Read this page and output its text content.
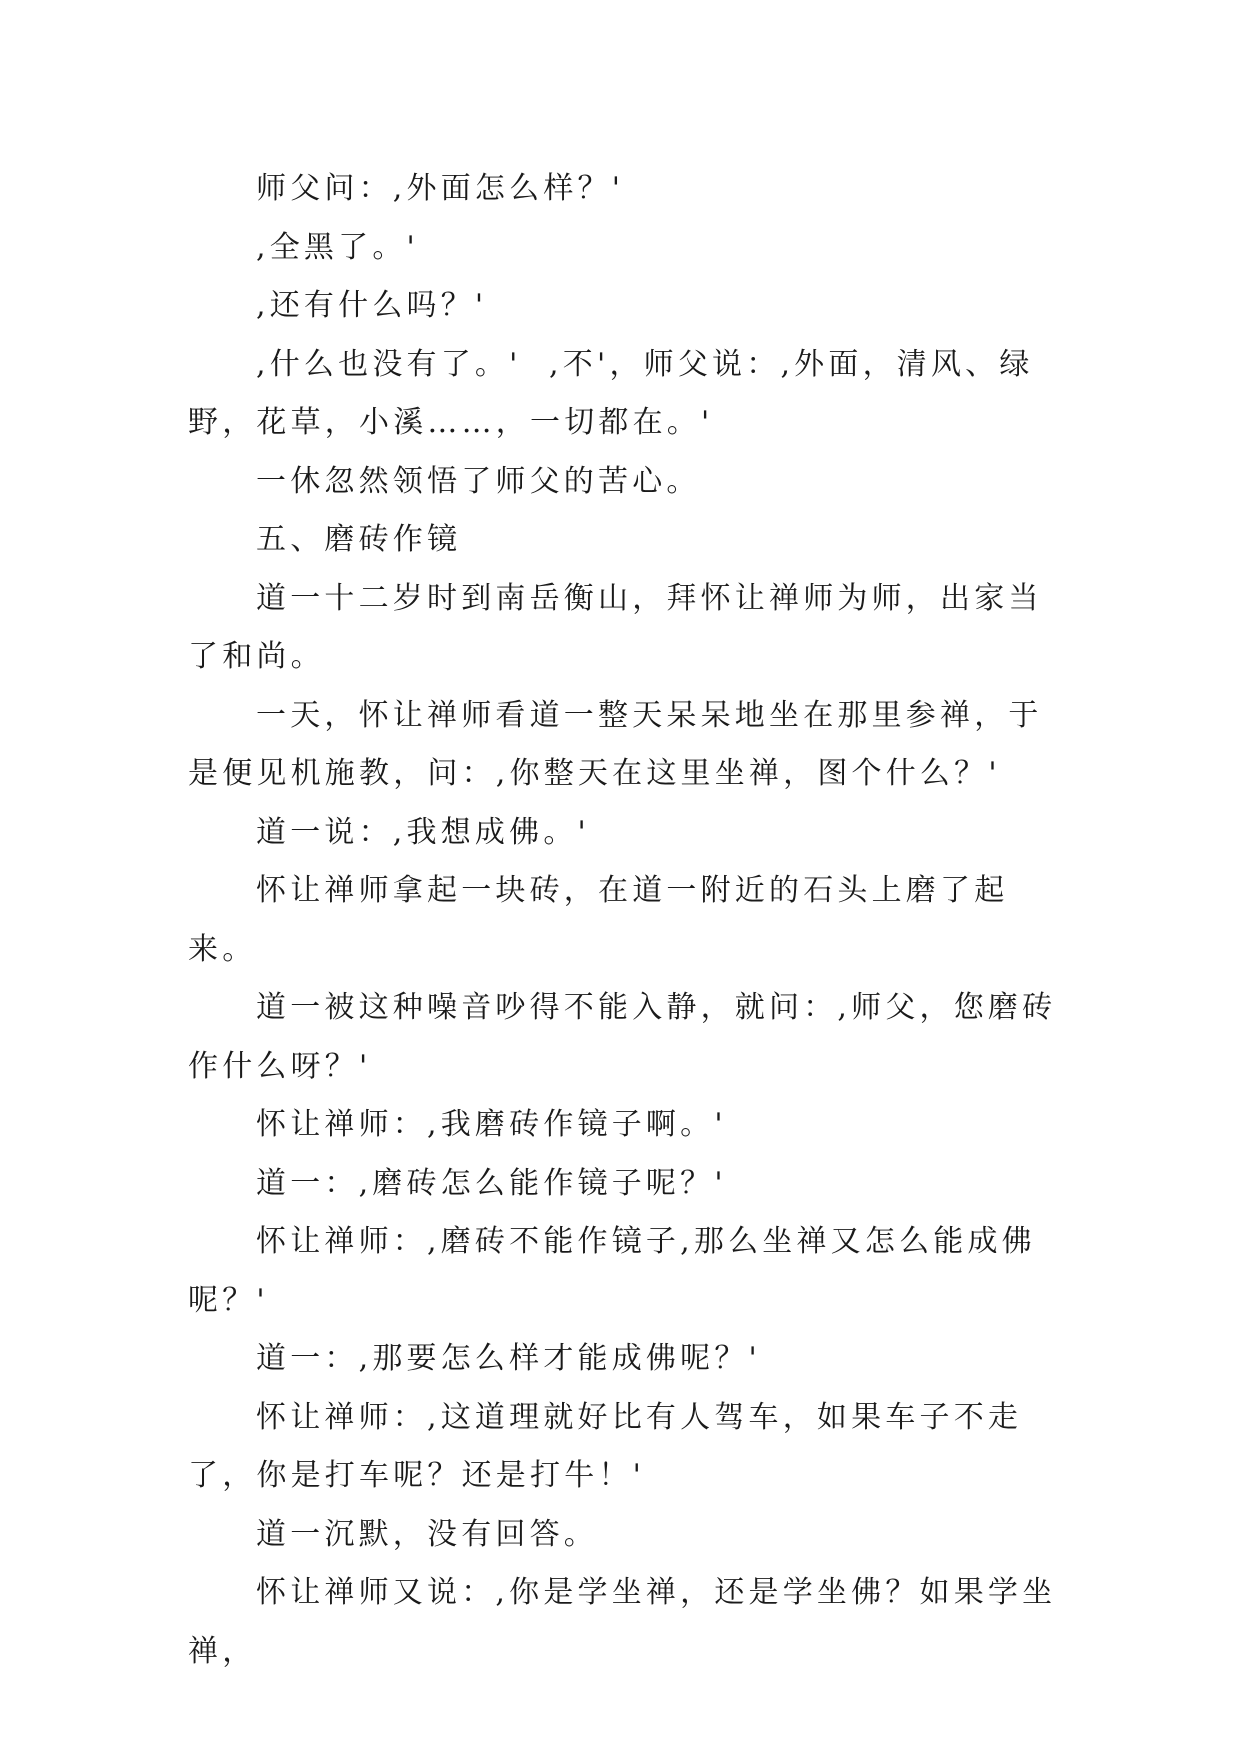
师父问：,外面怎么样？'

,全黑了。'

,还有什么吗？'

,什么也没有了。'  ,不'，师父说：,外面，清风、绿野，花草，小溪……，一切都在。'

一休忽然领悟了师父的苦心。

五、磨砖作镜

道一十二岁时到南岳衡山，拜怀让禅师为师，出家当了和尚。

一天，怀让禅师看道一整天呆呆地坐在那里参禅，于是便见机施教，问：,你整天在这里坐禅，图个什么？'

道一说：,我想成佛。'

怀让禅师拿起一块砖，在道一附近的石头上磨了起来。

道一被这种噪音吵得不能入静，就问：,师父，您磨砖作什么呀？'

怀让禅师：,我磨砖作镜子啊。'

道一：,磨砖怎么能作镜子呢？'

怀让禅师：,磨砖不能作镜子,那么坐禅又怎么能成佛呢？'

道一：,那要怎么样才能成佛呢？'

怀让禅师：,这道理就好比有人驾车，如果车子不走了，你是打车呢？还是打牛！'

道一沉默，没有回答。

怀让禅师又说：,你是学坐禅，还是学坐佛？如果学坐禅，
